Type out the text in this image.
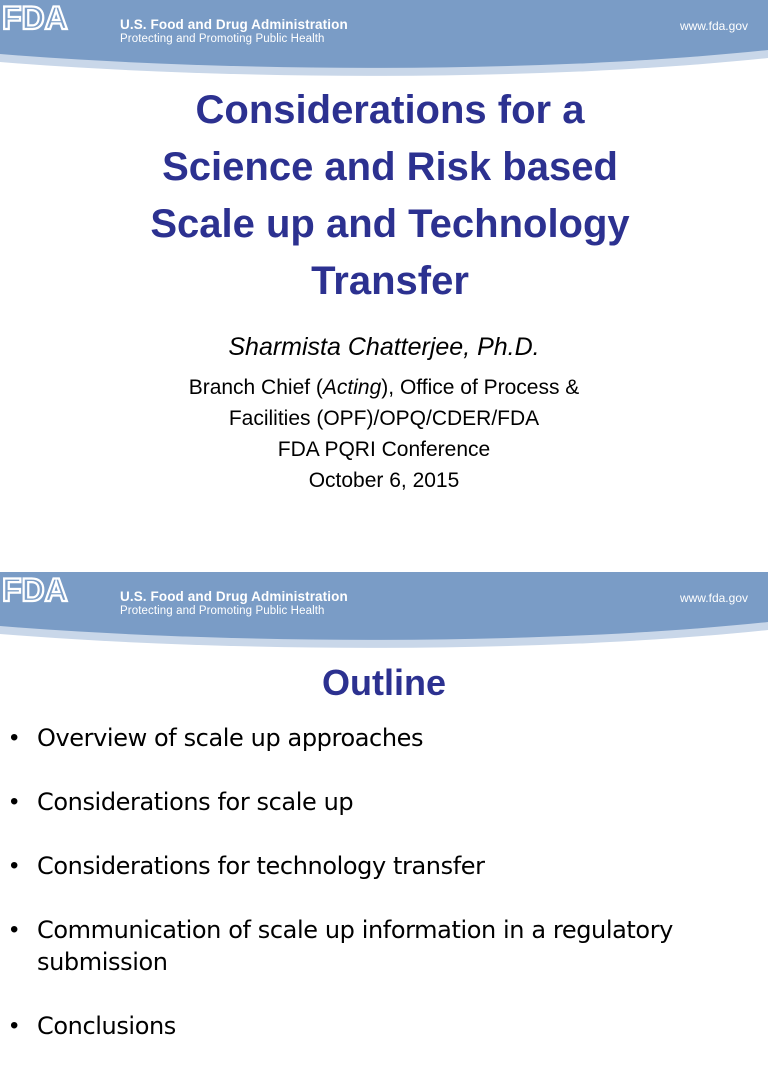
FDA	U.S. Food and Drug Administration
Protecting and Promoting Public Health
www.fda.gov
Considerations for a
Science and Risk based
Scale up and Technology
Transfer
Sharmista Chatterjee, Ph.D.
Branch Chief (Acting), Office of Process &
Facilities (OPF)/OPQ/CDER/FDA
FDA PQRI Conference
October 6, 2015
FDA	U.S. Food and Drug Administration
Protecting and Promoting Public Health
www.fda.gov
Outline
• Overview of scale up approaches
• Considerations for scale up
• Considerations for technology transfer
• Communication of scale up information in a regulatory submission
• Conclusions
